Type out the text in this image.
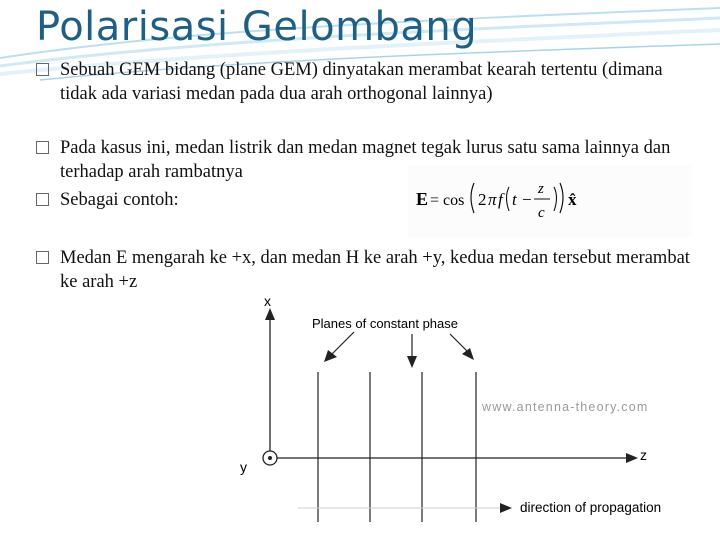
Polarisasi Gelombang
Sebuah GEM bidang (plane GEM) dinyatakan merambat kearah tertentu (dimana tidak ada variasi medan pada dua arah orthogonal lainnya)
Pada kasus ini, medan listrik dan medan magnet tegak lurus satu sama lainnya dan terhadap arah rambatnya
Sebagai contoh:
Medan E mengarah ke +x, dan medan H ke arah +y, kedua medan tersebut merambat ke arah +z
E = cos 2 π f t −
z
c
x̂
x
z
y
Planes of constant phase
www.antenna-theory.com
direction of propagation
